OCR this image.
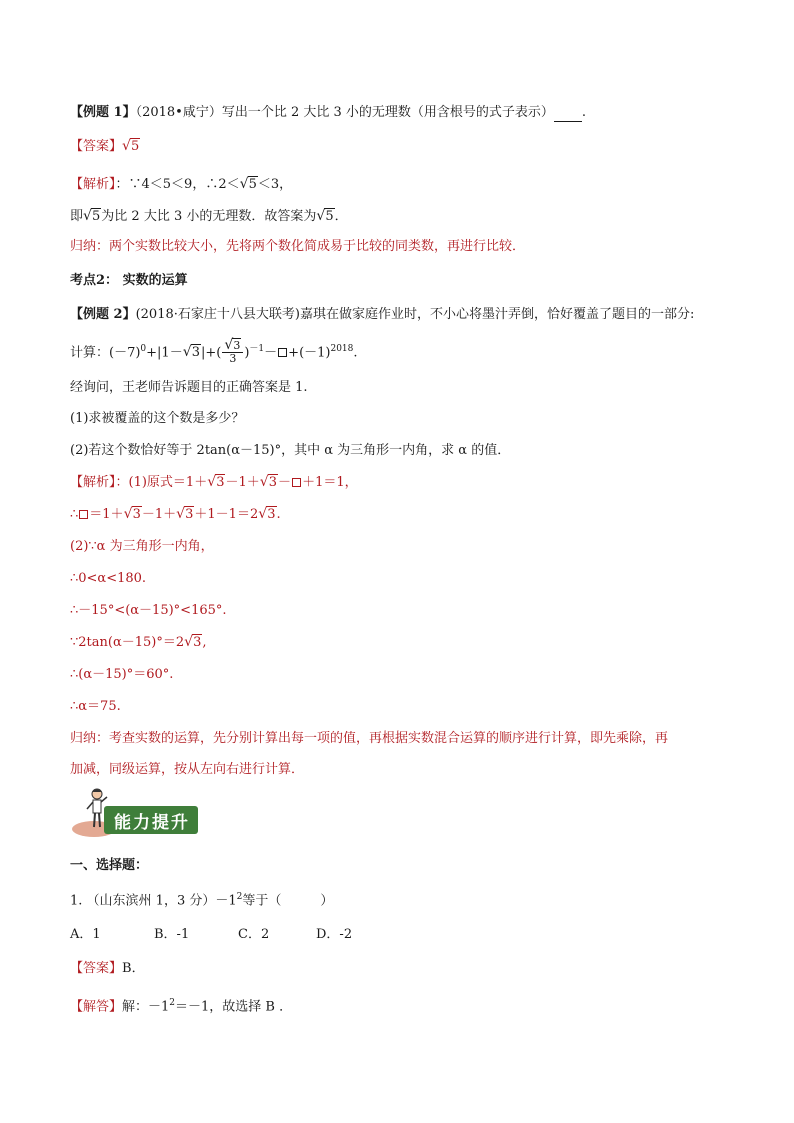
【例题 1】（2018•咸宁）写出一个比 2 大比 3 小的无理数（用含根号的式子表示） .
【答案】√ 5
【解析】：∵4＜5＜9，∴2＜√ 5＜3，
即√ 5为比 2 大比 3 小的无理数．故答案为√ 5．
归纳：两个实数比较大小，先将两个数化简成易于比较的同类数，再进行比较．
考点2： 实数的运算
【例题 2】(2018·石家庄十八县大联考)嘉琪在做家庭作业时，不小心将墨汁弄倒，恰好覆盖了题目的一部分:
计算：$(-7)^0+|1-√$ 3|+(
√ $\frac{3}{3} )^{-1}- +(-1)^{2018}$.
经询问，王老师告诉题目的正确答案是 1.
(1)求被覆盖的这个数是多少？
(2)若这个数恰好等于 2tan(α－15)°，其中 α 为三角形一内角，求 α 的值．
【解析】：(1)原式＝1＋√ 3－1＋√ 3－ ＋1＝1，
∴ ＝1＋√ 3－1＋√ 3＋1－1＝2√ 3.
(2)∵α 为三角形一内角，
∴0<α<180.
∴－15°<(α－15)°<165°.
∵2tan(α－15)°＝2√ 3,
∴(α－15)°＝60°.
∴α＝75.
归纳：考查实数的运算，先分别计算出每一项的值，再根据实数混合运算的顺序进行计算，即先乘除，再
加减，同级运算，按从左向右进行计算．
能力提升
一、选择题：
1. （山东滨州 1，3 分）$-1^2$等于（　　　）
A．1	B．-1	C．2	D．-2
【答案】B．
【解答】解：$-1^2=-1$，故选择 B ．
